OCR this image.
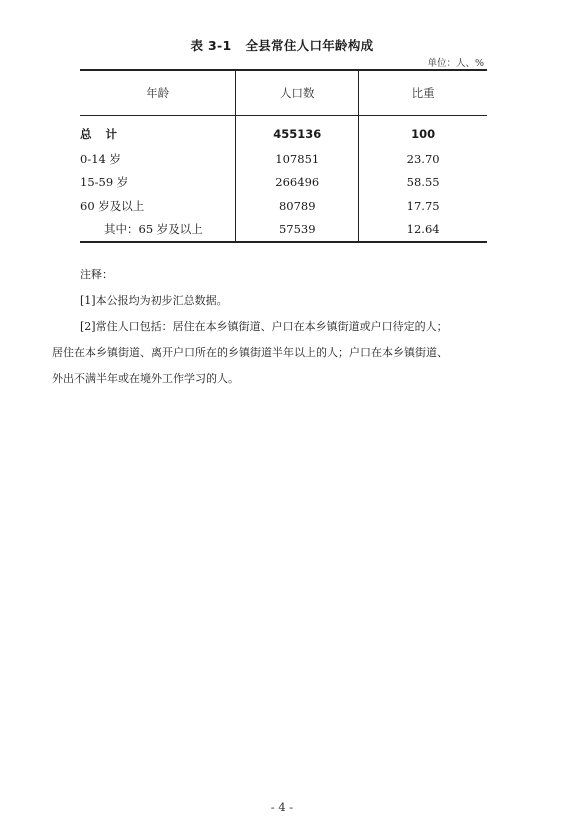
表 3-1 全县常住人口年龄构成
单位：人、%
年龄	人口数	比重
总计	455136	100
0-14 岁	107851	23.70
15-59 岁	266496	58.55
60 岁及以上	80789	17.75
其中：65 岁及以上	57539	12.64

注释：

[1]本公报均为初步汇总数据。

[2]常住人口包括：居住在本乡镇街道、户口在本乡镇街道或户口待定的人；

居住在本乡镇街道、离开户口所在的乡镇街道半年以上的人；户口在本乡镇街道、

外出不满半年或在境外工作学习的人。

- 4 -
